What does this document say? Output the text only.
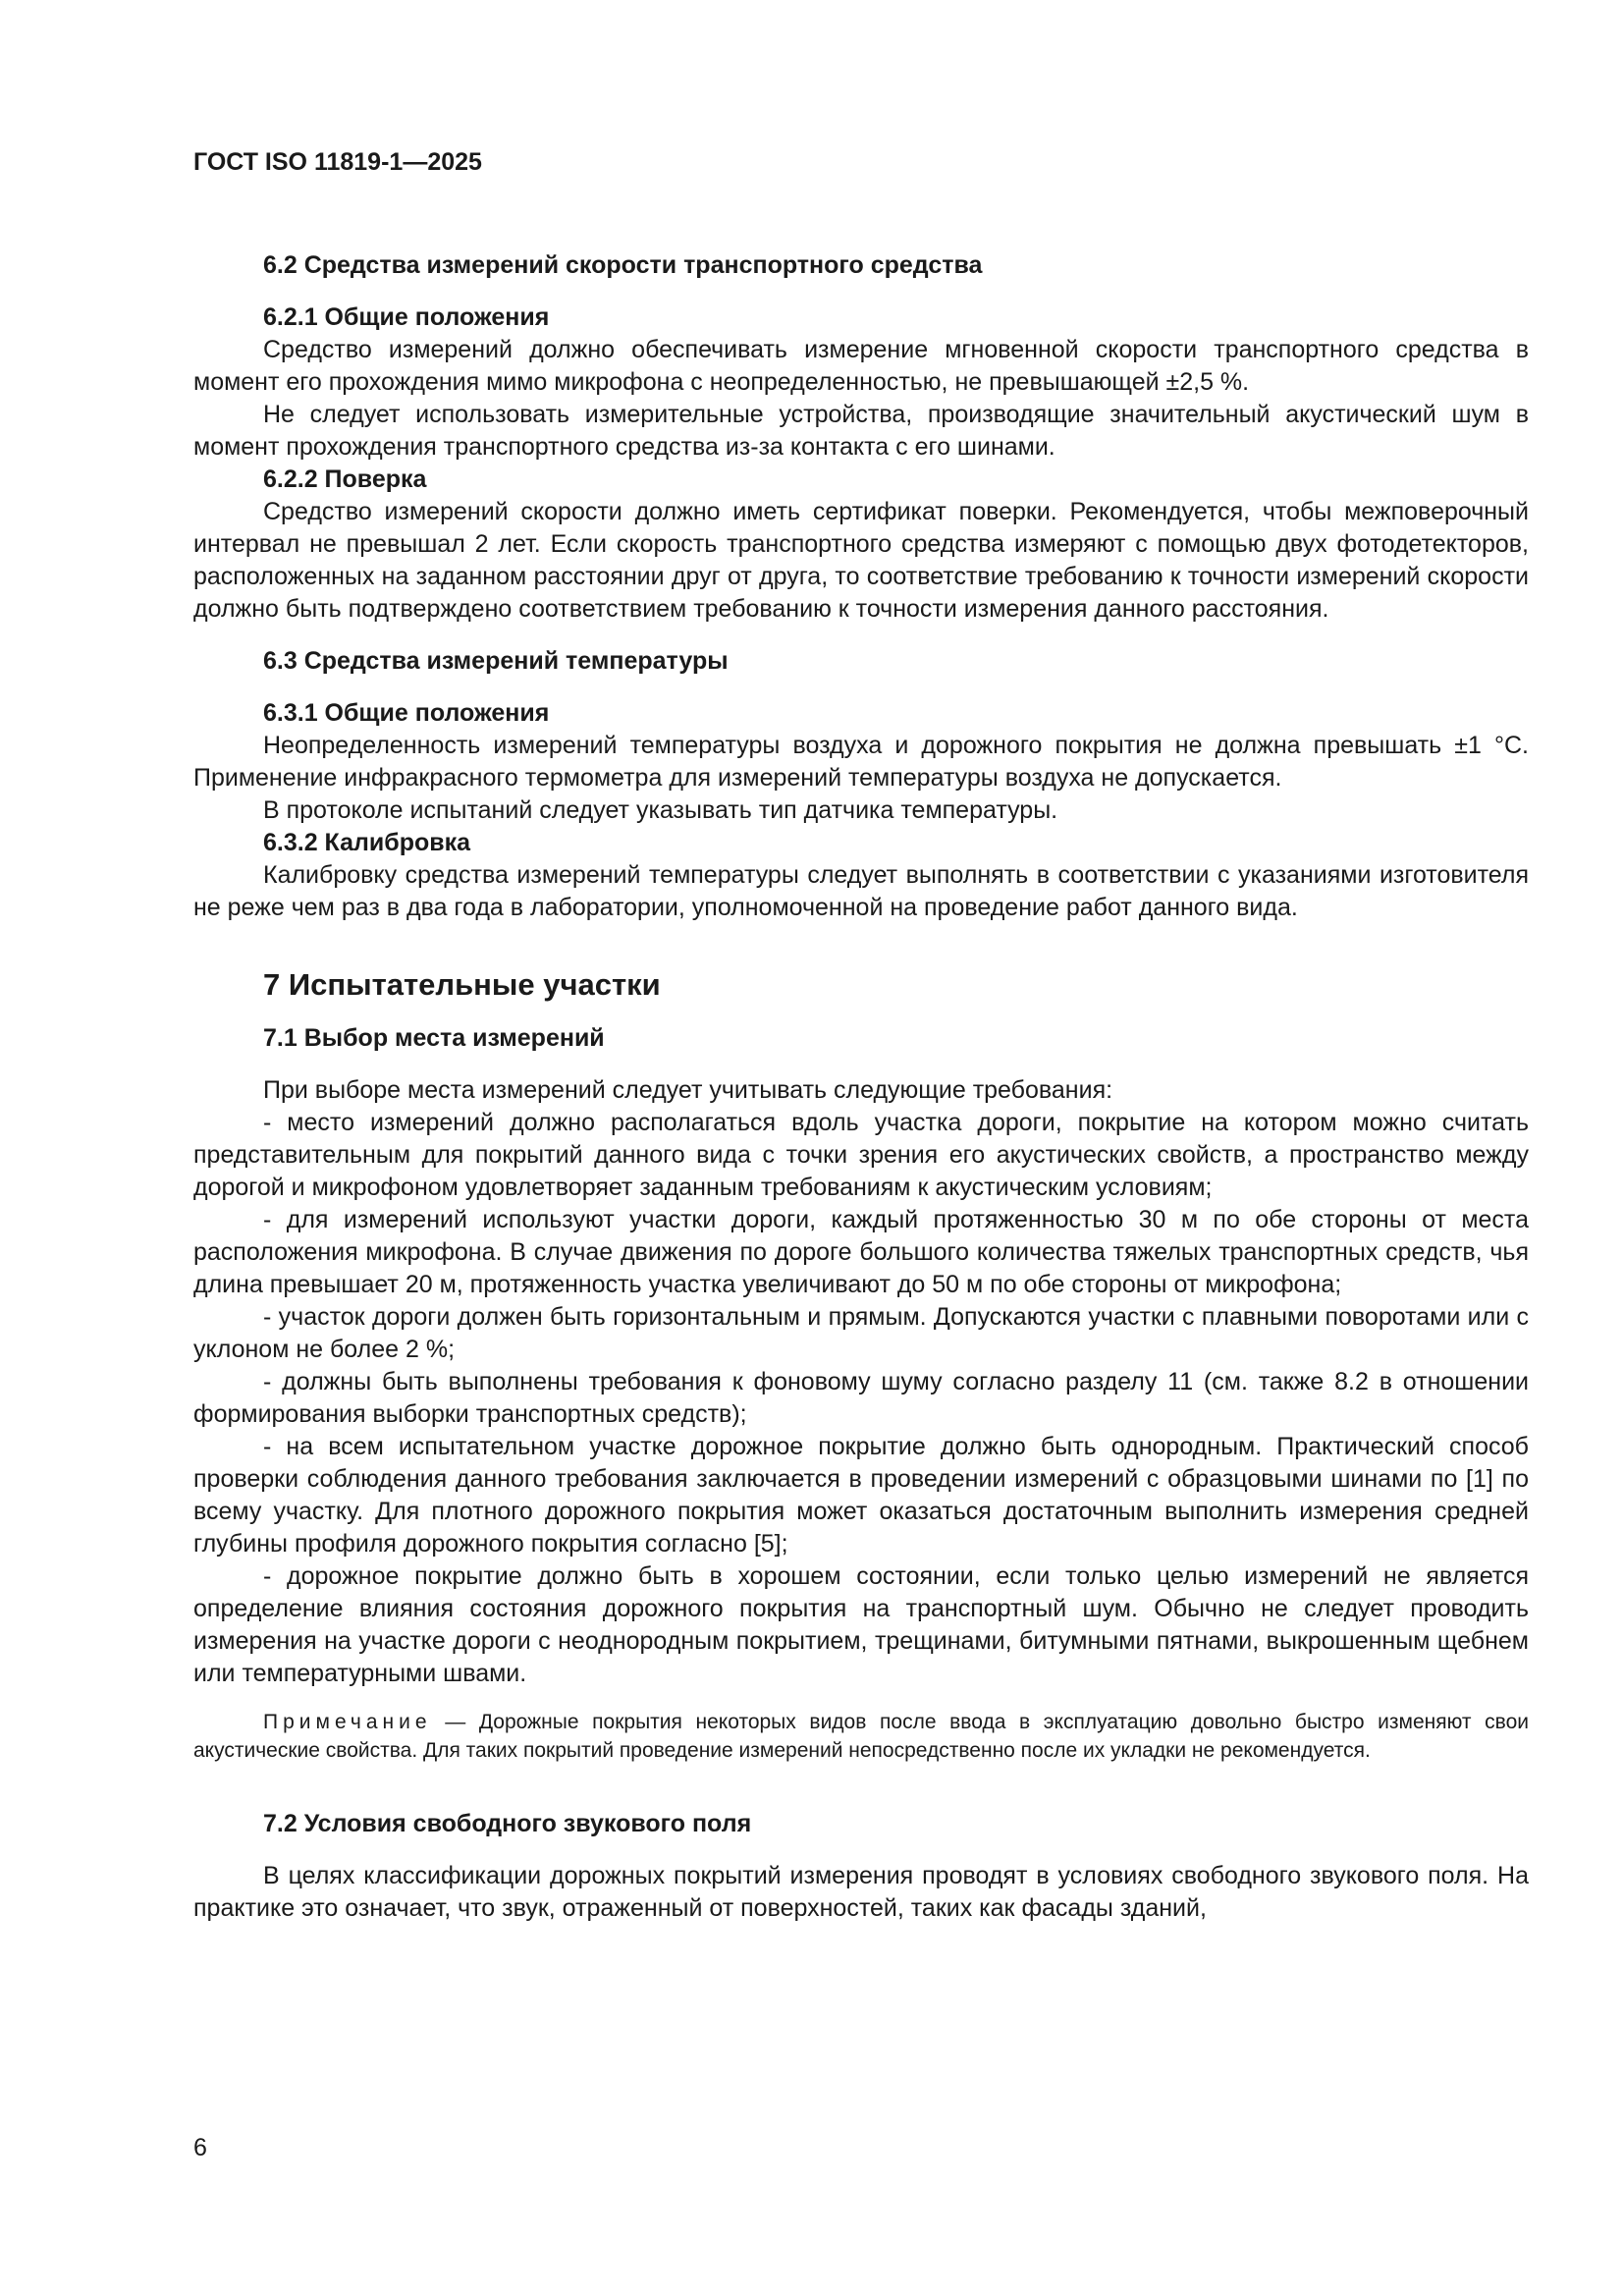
ГОСТ ISO 11819-1—2025
6.2 Средства измерений скорости транспортного средства
6.2.1 Общие положения

Средство измерений должно обеспечивать измерение мгновенной скорости транспортного средства в момент его прохождения мимо микрофона с неопределенностью, не превышающей ±2,5 %.

Не следует использовать измерительные устройства, производящие значительный акустический шум в момент прохождения транспортного средства из-за контакта с его шинами.

6.2.2 Поверка

Средство измерений скорости должно иметь сертификат поверки. Рекомендуется, чтобы межповерочный интервал не превышал 2 лет. Если скорость транспортного средства измеряют с помощью двух фотодетекторов, расположенных на заданном расстоянии друг от друга, то соответствие требованию к точности измерений скорости должно быть подтверждено соответствием требованию к точности измерения данного расстояния.

6.3 Средства измерений температуры
6.3.1 Общие положения

Неопределенность измерений температуры воздуха и дорожного покрытия не должна превышать ±1 °С. Применение инфракрасного термометра для измерений температуры воздуха не допускается.

В протоколе испытаний следует указывать тип датчика температуры.

6.3.2 Калибровка

Калибровку средства измерений температуры следует выполнять в соответствии с указаниями изготовителя не реже чем раз в два года в лаборатории, уполномоченной на проведение работ данного вида.

7 Испытательные участки
7.1 Выбор места измерений

При выборе места измерений следует учитывать следующие требования:

- место измерений должно располагаться вдоль участка дороги, покрытие на котором можно считать представительным для покрытий данного вида с точки зрения его акустических свойств, а пространство между дорогой и микрофоном удовлетворяет заданным требованиям к акустическим условиям;

- для измерений используют участки дороги, каждый протяженностью 30 м по обе стороны от места расположения микрофона. В случае движения по дороге большого количества тяжелых транспортных средств, чья длина превышает 20 м, протяженность участка увеличивают до 50 м по обе стороны от микрофона;

- участок дороги должен быть горизонтальным и прямым. Допускаются участки с плавными поворотами или с уклоном не более 2 %;

- должны быть выполнены требования к фоновому шуму согласно разделу 11 (см. также 8.2 в отношении формирования выборки транспортных средств);

- на всем испытательном участке дорожное покрытие должно быть однородным. Практический способ проверки соблюдения данного требования заключается в проведении измерений с образцовыми шинами по [1] по всему участку. Для плотного дорожного покрытия может оказаться достаточным выполнить измерения средней глубины профиля дорожного покрытия согласно [5];

- дорожное покрытие должно быть в хорошем состоянии, если только целью измерений не является определение влияния состояния дорожного покрытия на транспортный шум. Обычно не следует проводить измерения на участке дороги с неоднородным покрытием, трещинами, битумными пятнами, выкрошенным щебнем или температурными швами.

Примечание — Дорожные покрытия некоторых видов после ввода в эксплуатацию довольно быстро изменяют свои акустические свойства. Для таких покрытий проведение измерений непосредственно после их укладки не рекомендуется.

7.2 Условия свободного звукового поля

В целях классификации дорожных покрытий измерения проводят в условиях свободного звукового поля. На практике это означает, что звук, отраженный от поверхностей, таких как фасады зданий,

6
